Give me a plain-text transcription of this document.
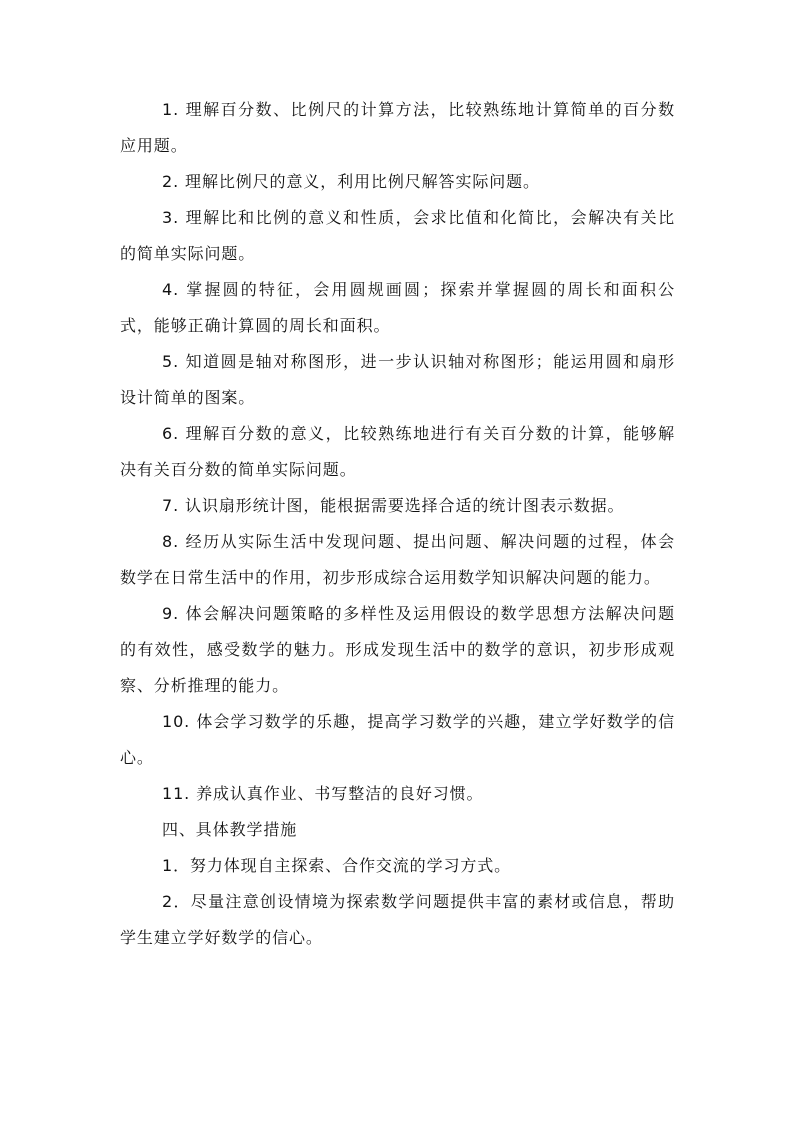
1. 理解百分数、比例尺的计算方法，比较熟练地计算简单的百分数应用题。

2. 理解比例尺的意义，利用比例尺解答实际问题。

3. 理解比和比例的意义和性质，会求比值和化简比，会解决有关比的简单实际问题。

4. 掌握圆的特征，会用圆规画圆；探索并掌握圆的周长和面积公式，能够正确计算圆的周长和面积。

5. 知道圆是轴对称图形，进一步认识轴对称图形；能运用圆和扇形设计简单的图案。

6. 理解百分数的意义，比较熟练地进行有关百分数的计算，能够解决有关百分数的简单实际问题。

7. 认识扇形统计图，能根据需要选择合适的统计图表示数据。

8. 经历从实际生活中发现问题、提出问题、解决问题的过程，体会数学在日常生活中的作用，初步形成综合运用数学知识解决问题的能力。

9. 体会解决问题策略的多样性及运用假设的数学思想方法解决问题的有效性，感受数学的魅力。形成发现生活中的数学的意识，初步形成观察、分析推理的能力。

10. 体会学习数学的乐趣，提高学习数学的兴趣，建立学好数学的信心。

11. 养成认真作业、书写整洁的良好习惯。

四、具体教学措施

1．努力体现自主探索、合作交流的学习方式。

2．尽量注意创设情境为探索数学问题提供丰富的素材或信息，帮助学生建立学好数学的信心。
